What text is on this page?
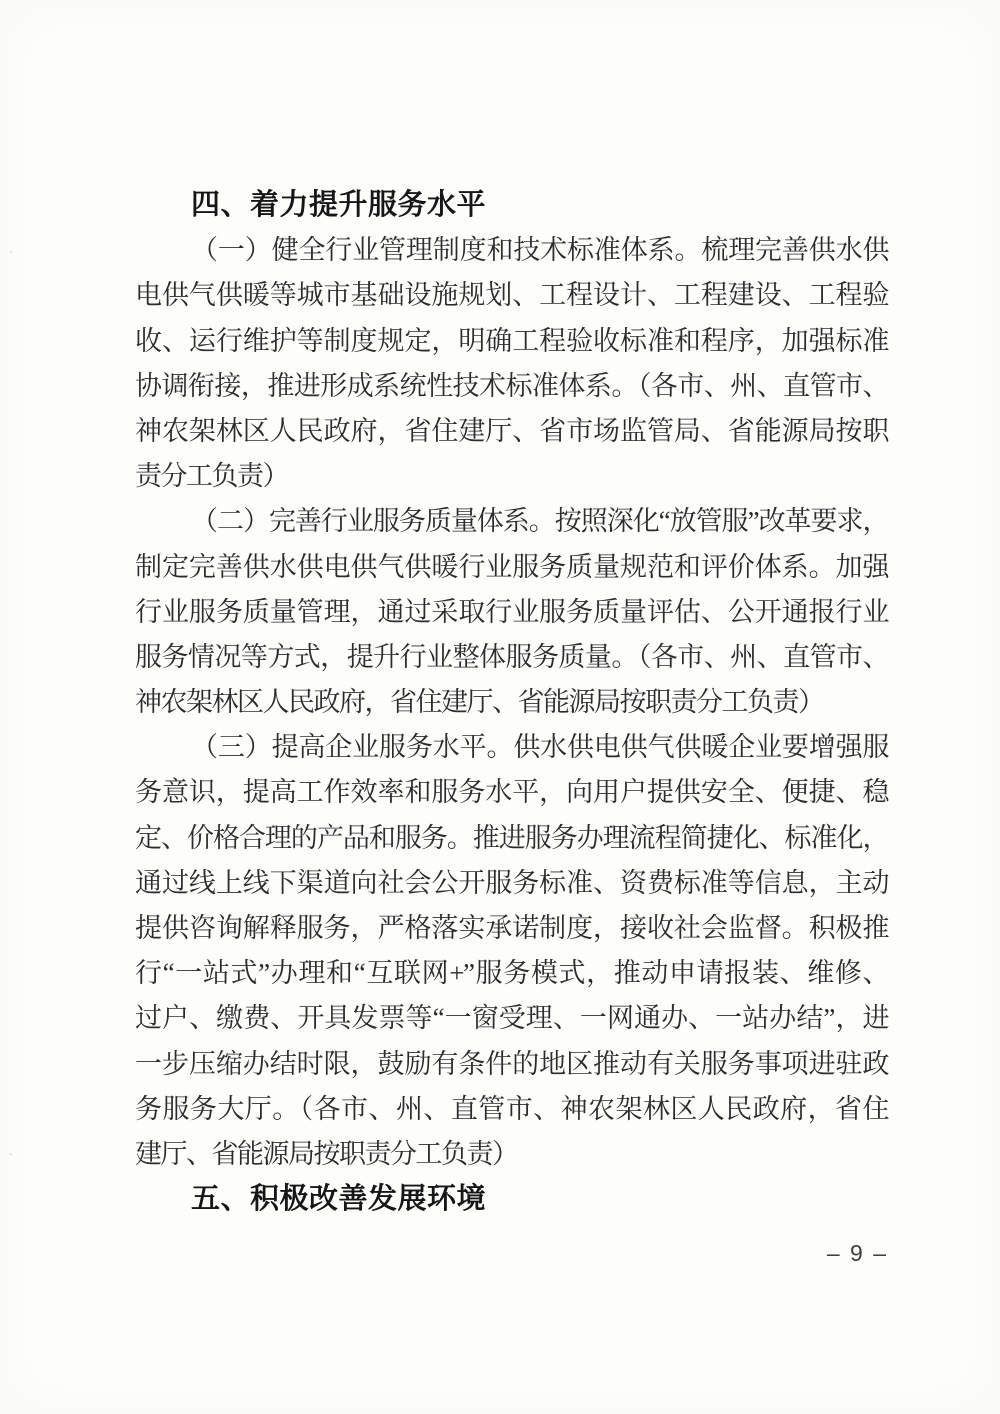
四、着力提升服务水平
（一）健全行业管理制度和技术标准体系。梳理完善供水供
电供气供暖等城市基础设施规划、工程设计、工程建设、工程验
收、运行维护等制度规定，明确工程验收标准和程序，加强标准
协调衔接，推进形成系统性技术标准体系。（各市、州、直管市、
神农架林区人民政府，省住建厅、省市场监管局、省能源局按职
责分工负责）
（二）完善行业服务质量体系。按照深化“放管服”改革要求，
制定完善供水供电供气供暖行业服务质量规范和评价体系。加强
行业服务质量管理，通过采取行业服务质量评估、公开通报行业
服务情况等方式，提升行业整体服务质量。（各市、州、直管市、
神农架林区人民政府，省住建厅、省能源局按职责分工负责）
（三）提高企业服务水平。供水供电供气供暖企业要增强服
务意识，提高工作效率和服务水平，向用户提供安全、便捷、稳
定、价格合理的产品和服务。推进服务办理流程简捷化、标准化，
通过线上线下渠道向社会公开服务标准、资费标准等信息，主动
提供咨询解释服务，严格落实承诺制度，接收社会监督。积极推
行“一站式”办理和“互联网+”服务模式，推动申请报装、维修、
过户、缴费、开具发票等“一窗受理、一网通办、一站办结”，进
一步压缩办结时限，鼓励有条件的地区推动有关服务事项进驻政
务服务大厅。（各市、州、直管市、神农架林区人民政府，省住
建厅、省能源局按职责分工负责）
五、积极改善发展环境
– 9 –
`
`
